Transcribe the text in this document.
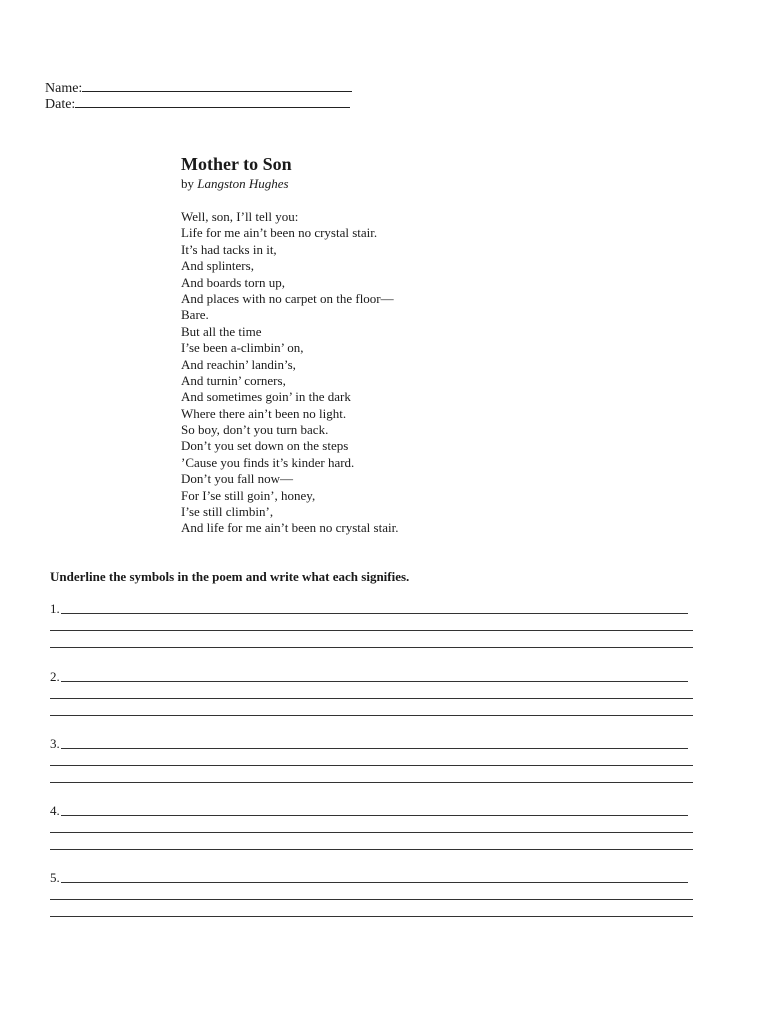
Name:
Date:
Mother to Son
by Langston Hughes
Well, son, I’ll tell you:
Life for me ain’t been no crystal stair.
It’s had tacks in it,
And splinters,
And boards torn up,
And places with no carpet on the floor—
Bare.
But all the time
I’se been a-climbin’ on,
And reachin’ landin’s,
And turnin’ corners,
And sometimes goin’ in the dark
Where there ain’t been no light.
So boy, don’t you turn back.
Don’t you set down on the steps
’Cause you finds it’s kinder hard.
Don’t you fall now—
For I’se still goin’, honey,
I’se still climbin’,
And life for me ain’t been no crystal stair.
Underline the symbols in the poem and write what each signifies.
1.
2.
3.
4.
5.
